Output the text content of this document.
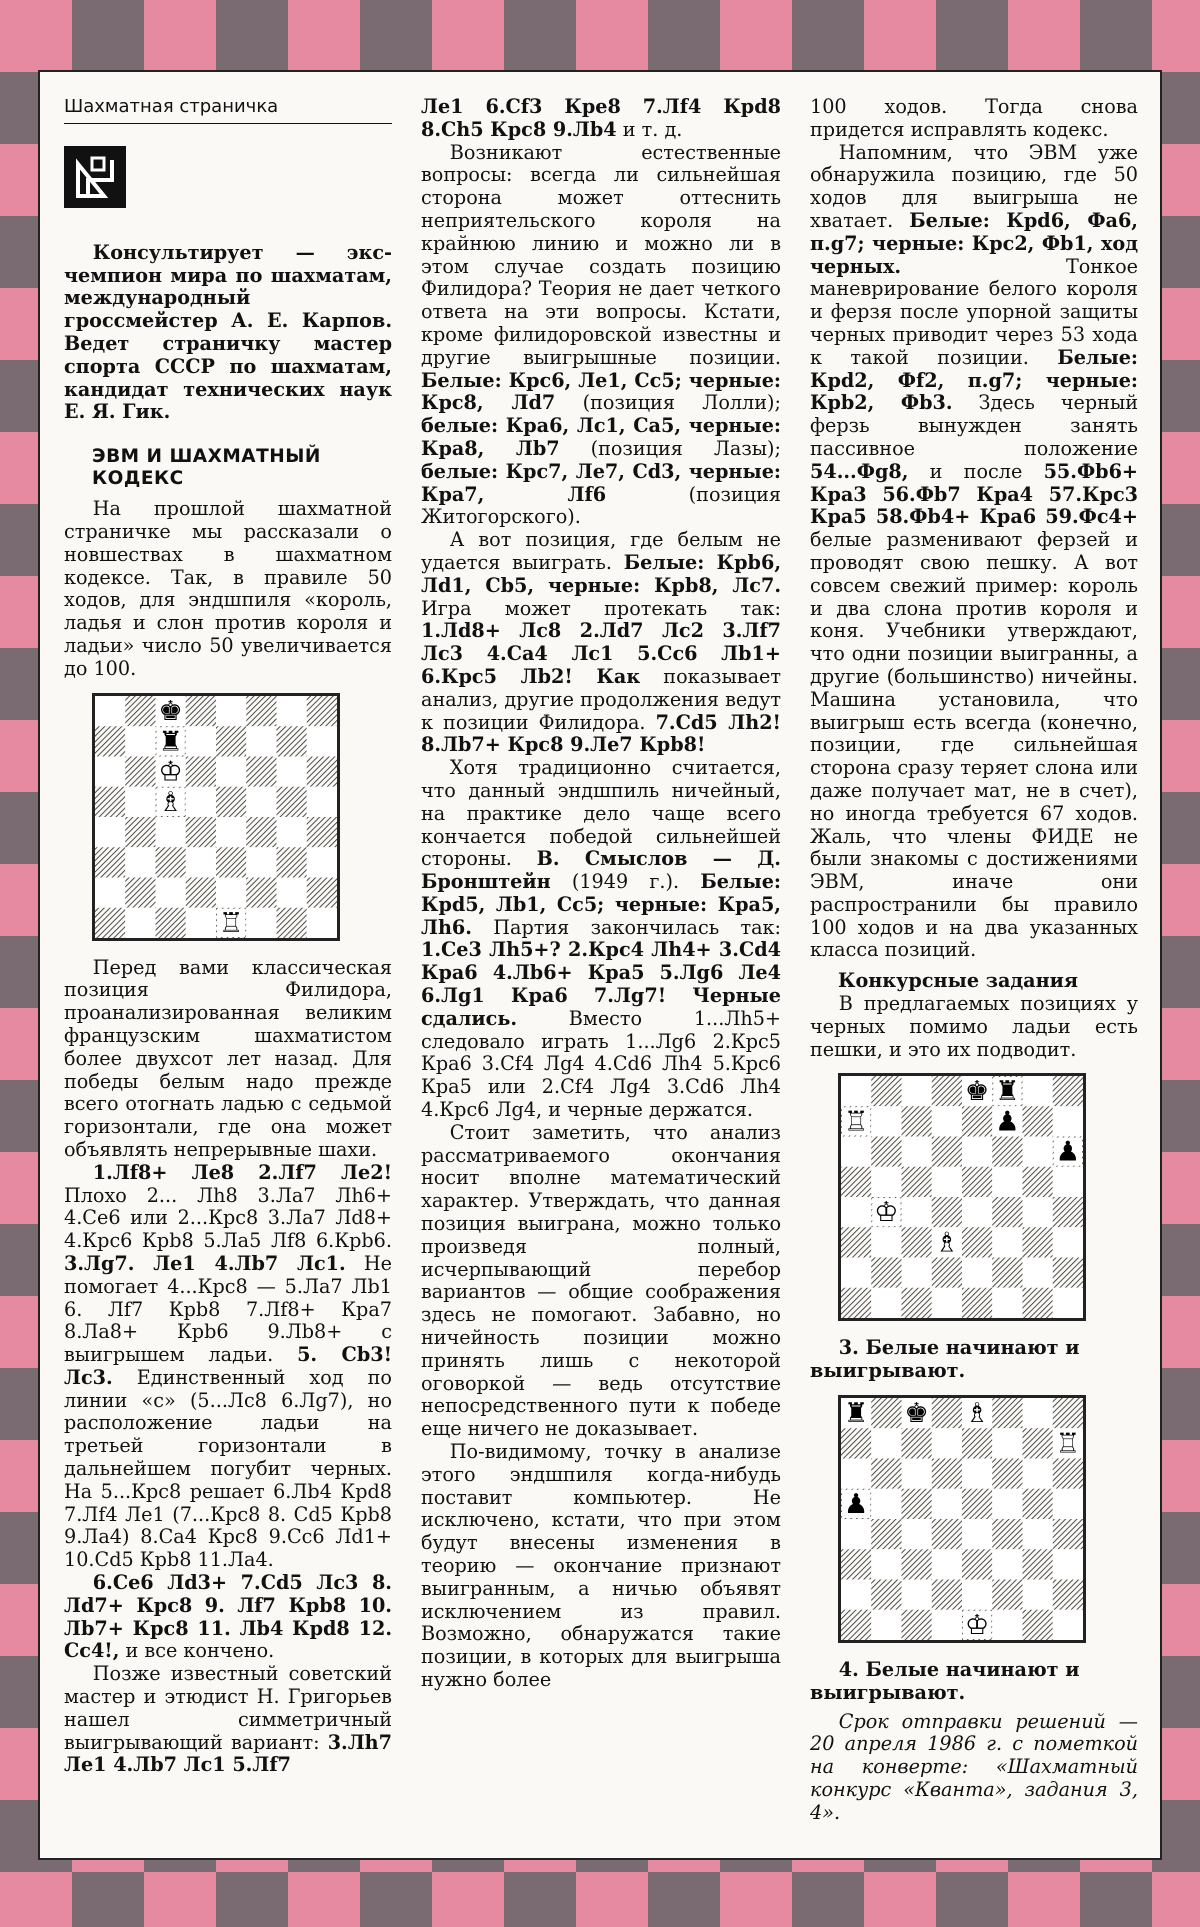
Шахматная страничка

Консультирует — экс-чемпион мира по шахматам, международный гроссмейстер А. Е. Карпов. Ведет страничку мастер спорта СССР по шахматам, кандидат технических наук Е. Я. Гик.

ЭВМ И ШАХМАТНЫЙ КОДЕКС

На прошлой шахматной страничке мы рассказали о новшествах в шахматном кодексе. Так, в правиле 50 ходов, для эндшпиля «король, ладья и слон против короля и ладьи» число 50 увеличивается до 100.

♚
♜
♔
♗
♖

Перед вами классическая позиция Филидора, проанализированная великим французским шахматистом более двухсот лет назад. Для победы белым надо прежде всего отогнать ладью с седьмой горизонтали, где она может объявлять непрерывные шахи.

1.Лf8+ Лe8 2.Лf7 Лe2! Плохо 2... Лh8 3.Лa7 Лh6+ 4.Сe6 или 2...Крс8 3.Лa7 Лd8+ 4.Крс6 Крb8 5.Лa5 Лf8 6.Крb6. 3.Лg7. Лe1 4.Лb7 Лс1. Не помогает 4...Крс8 — 5.Лa7 Лb1 6. Лf7 Крb8 7.Лf8+ Крa7 8.Лa8+ Крb6 9.Лb8+ с выигрышем ладьи. 5. Сb3! Лс3. Единственный ход по линии «с» (5...Лс8 6.Лg7), но расположение ладьи на третьей горизонтали в дальнейшем погубит черных. На 5...Крс8 решает 6.Лb4 Крd8 7.Лf4 Лe1 (7...Крс8 8. Сd5 Крb8 9.Лa4) 8.Сa4 Крс8 9.Сс6 Лd1+ 10.Сd5 Крb8 11.Лa4.

6.Сe6 Лd3+ 7.Сd5 Лс3 8. Лd7+ Крс8 9. Лf7 Крb8 10. Лb7+ Крс8 11. Лb4 Крd8 12. Сс4!, и все кончено.

Позже известный советский мастер и этюдист Н. Григорьев нашел симметричный выигрывающий вариант: 3.Лh7 Лe1 4.Лb7 Лс1 5.Лf7

Лe1 6.Сf3 Крe8 7.Лf4 Крd8 8.Сh5 Крс8 9.Лb4 и т. д.

Возникают естественные вопросы: всегда ли сильнейшая сторона может оттеснить неприятельского короля на крайнюю линию и можно ли в этом случае создать позицию Филидора? Теория не дает четкого ответа на эти вопросы. Кстати, кроме филидоровской известны и другие выигрышные позиции. Белые: Крс6, Лe1, Сс5; черные: Крс8, Лd7 (позиция Лолли); белые: Крa6, Лс1, Сa5, черные: Крa8, Лb7 (позиция Лазы); белые: Крс7, Лe7, Сd3, черные: Крa7, Лf6 (позиция Житогорского).

А вот позиция, где белым не удается выиграть. Белые: Крb6, Лd1, Сb5, черные: Крb8, Лс7. Игра может протекать так: 1.Лd8+ Лс8 2.Лd7 Лс2 3.Лf7 Лс3 4.Сa4 Лс1 5.Сс6 Лb1+ 6.Крс5 Лb2! Как показывает анализ, другие продолжения ведут к позиции Филидора. 7.Сd5 Лh2! 8.Лb7+ Крс8 9.Лe7 Крb8!

Хотя традиционно считается, что данный эндшпиль ничейный, на практике дело чаще всего кончается победой сильнейшей стороны. В. Смыслов — Д. Бронштейн (1949 г.). Белые: Крd5, Лb1, Сс5; черные: Крa5, Лh6. Партия закончилась так: 1.Сe3 Лh5+? 2.Крс4 Лh4+ 3.Сd4 Крa6 4.Лb6+ Крa5 5.Лg6 Лe4 6.Лg1 Крa6 7.Лg7! Черные сдались. Вместо 1...Лh5+ следовало играть 1...Лg6 2.Крс5 Крa6 3.Сf4 Лg4 4.Сd6 Лh4 5.Крс6 Крa5 или 2.Сf4 Лg4 3.Сd6 Лh4 4.Крс6 Лg4, и черные держатся.

Стоит заметить, что анализ рассматриваемого окончания носит вполне математический характер. Утверждать, что данная позиция выиграна, можно только произведя полный, исчерпывающий перебор вариантов — общие соображения здесь не помогают. Забавно, но ничейность позиции можно принять лишь с некоторой оговоркой — ведь отсутствие непосредственного пути к победе еще ничего не доказывает.

По-видимому, точку в анализе этого эндшпиля когда-нибудь поставит компьютер. Не исключено, кстати, что при этом будут внесены изменения в теорию — окончание признают выигранным, а ничью объявят исключением из правил. Возможно, обнаружатся такие позиции, в которых для выигрыша нужно более

100 ходов. Тогда снова придется исправлять кодекс.

Напомним, что ЭВМ уже обнаружила позицию, где 50 ходов для выигрыша не хватает. Белые: Крd6, Фa6, п.g7; черные: Крс2, Фb1, ход черных. Тонкое маневрирование белого короля и ферзя после упорной защиты черных приводит через 53 хода к такой позиции. Белые: Крd2, Фf2, п.g7; черные: Крb2, Фb3. Здесь черный ферзь вынужден занять пассивное положение 54...Фg8, и после 55.Фb6+ Крa3 56.Фb7 Крa4 57.Крс3 Крa5 58.Фb4+ Крa6 59.Фс4+ белые разменивают ферзей и проводят свою пешку. А вот совсем свежий пример: король и два слона против короля и коня. Учебники утверждают, что одни позиции выигранны, а другие (большинство) ничейны. Машина установила, что выигрыш есть всегда (конечно, позиции, где сильнейшая сторона сразу теряет слона или даже получает мат, не в счет), но иногда требуется 67 ходов. Жаль, что члены ФИДЕ не были знакомы с достижениями ЭВМ, иначе они распространили бы правило 100 ходов и на два указанных класса позиций.

Конкурсные задания

В предлагаемых позициях у черных помимо ладьи есть пешки, и это их подводит.

♚ ♜
♖	♟
♟
♔
♗

3. Белые начинают и выигрывают.

♜ ♚ ♗
♖
♟
♔

4. Белые начинают и выигрывают.

Срок отправки решений — 20 апреля 1986 г. с пометкой на конверте: «Шахматный конкурс «Кванта», задания 3, 4».
